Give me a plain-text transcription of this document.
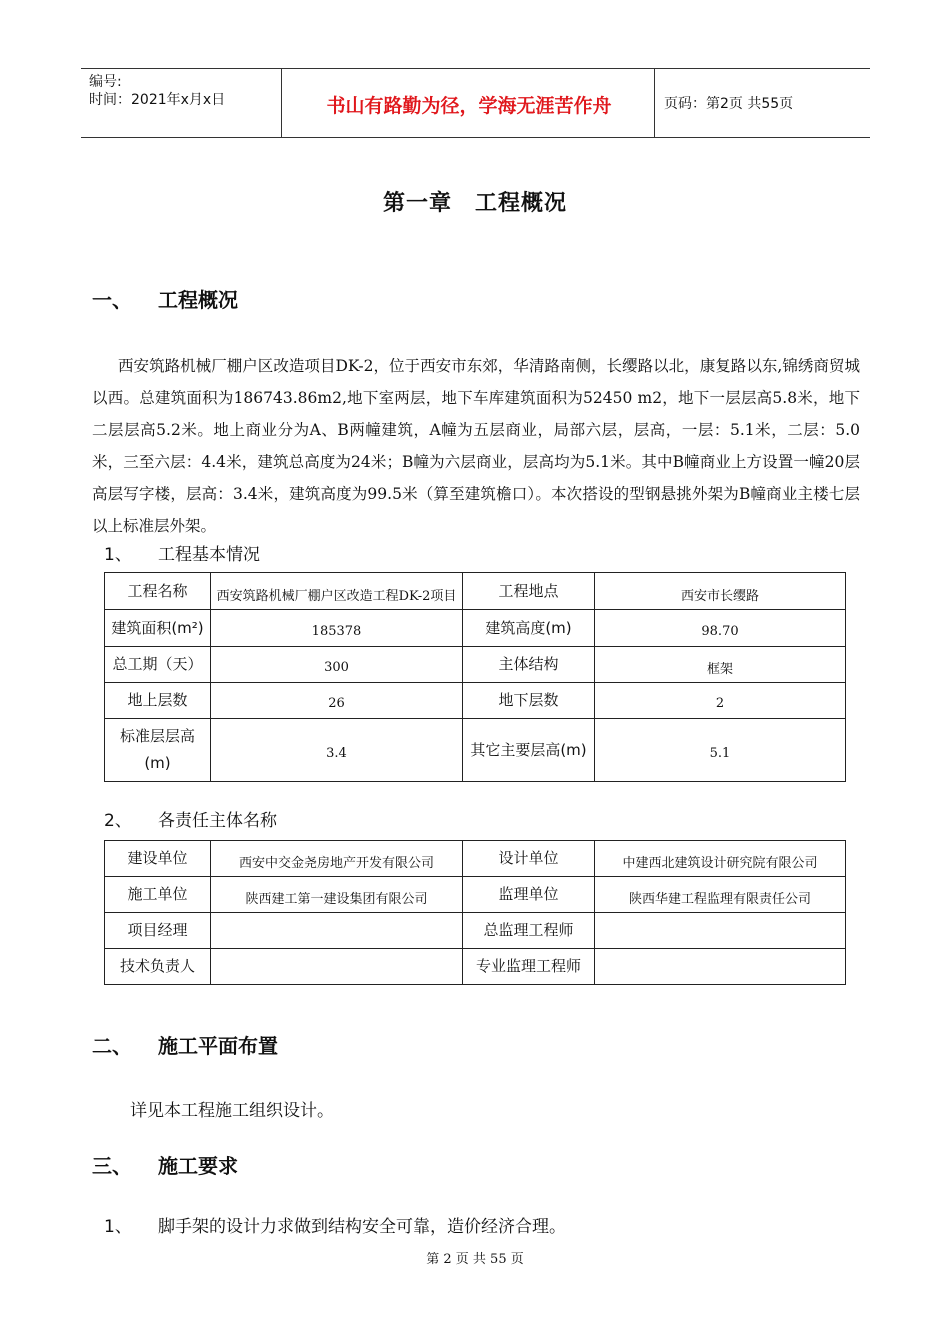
编号:
时间：2021年x月x日	书山有路勤为径，学海无涯苦作舟	页码：第2页 共55页
第一章　工程概况
一、 工程概况
西安筑路机械厂棚户区改造项目DK-2，位于西安市东郊，华清路南侧，长缨路以北，康复路以东,锦绣商贸城以西。总建筑面积为186743.86m2,地下室两层，地下车库建筑面积为52450 m2，地下一层层高5.8米，地下二层层高5.2米。地上商业分为A、B两幢建筑，A幢为五层商业，局部六层，层高，一层：5.1米，二层：5.0米，三至六层：4.4米，建筑总高度为24米；B幢为六层商业，层高均为5.1米。其中B幢商业上方设置一幢20层高层写字楼，层高：3.4米，建筑高度为99.5米（算至建筑檐口）。本次搭设的型钢悬挑外架为B幢商业主楼七层以上标准层外架。
1、 工程基本情况
工程名称	西安筑路机械厂棚户区改造工程DK-2项目	工程地点	西安市长缨路
建筑面积(m²)	185378	建筑高度(m)	98.70
总工期（天）	300	主体结构	框架
地上层数	26	地下层数	2
标准层层高(m)	3.4	其它主要层高(m)	5.1
2、 各责任主体名称
建设单位	西安中交金尧房地产开发有限公司	设计单位	中建西北建筑设计研究院有限公司
施工单位	陕西建工第一建设集团有限公司	监理单位	陕西华建工程监理有限责任公司
项目经理		总监理工程师	
技术负责人		专业监理工程师	
二、 施工平面布置
详见本工程施工组织设计。
三、 施工要求
1、 脚手架的设计力求做到结构安全可靠，造价经济合理。
第 2 页 共 55 页
